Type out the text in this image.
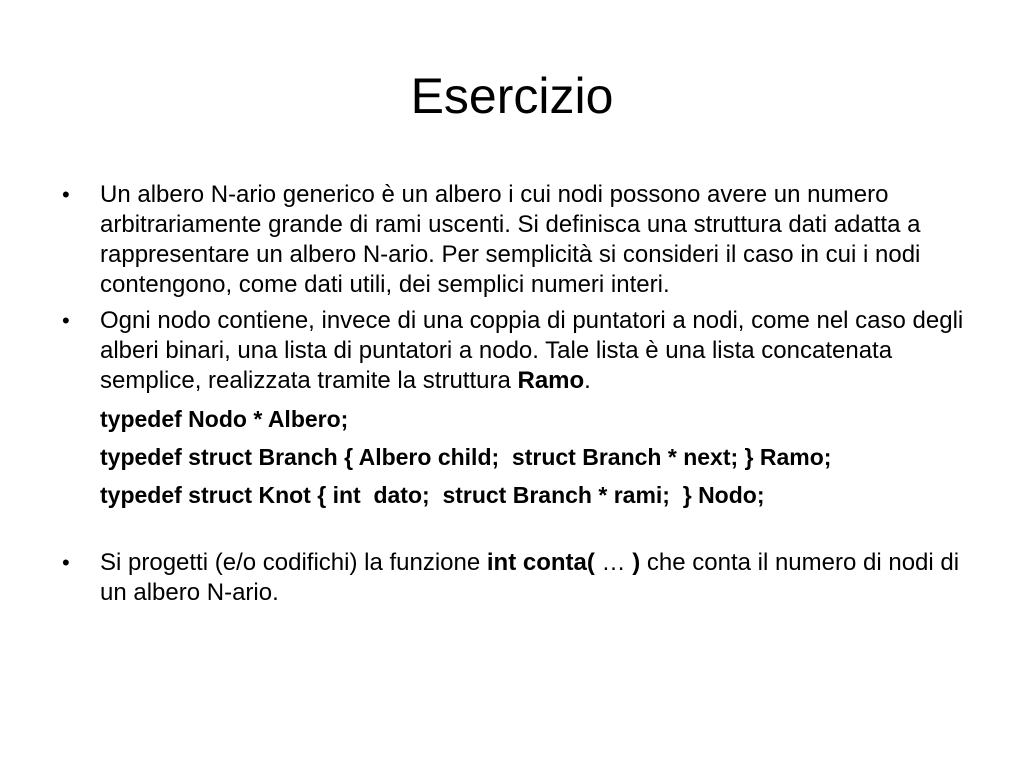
Esercizio

• Un albero N-ario generico è un albero i cui nodi possono avere un numero arbitrariamente grande di rami uscenti. Si definisca una struttura dati adatta a rappresentare un albero N-ario. Per semplicità si consideri il caso in cui i nodi contengono, come dati utili, dei semplici numeri interi.

• Ogni nodo contiene, invece di una coppia di puntatori a nodi, come nel caso degli alberi binari, una lista di puntatori a nodo. Tale lista è una lista concatenata semplice, realizzata tramite la struttura Ramo.

typedef Nodo * Albero;

typedef struct Branch { Albero child;  struct Branch * next; } Ramo;

typedef struct Knot { int  dato;  struct Branch * rami;  } Nodo;

• Si progetti (e/o codifichi) la funzione int conta( … ) che conta il numero di nodi di un albero N-ario.
